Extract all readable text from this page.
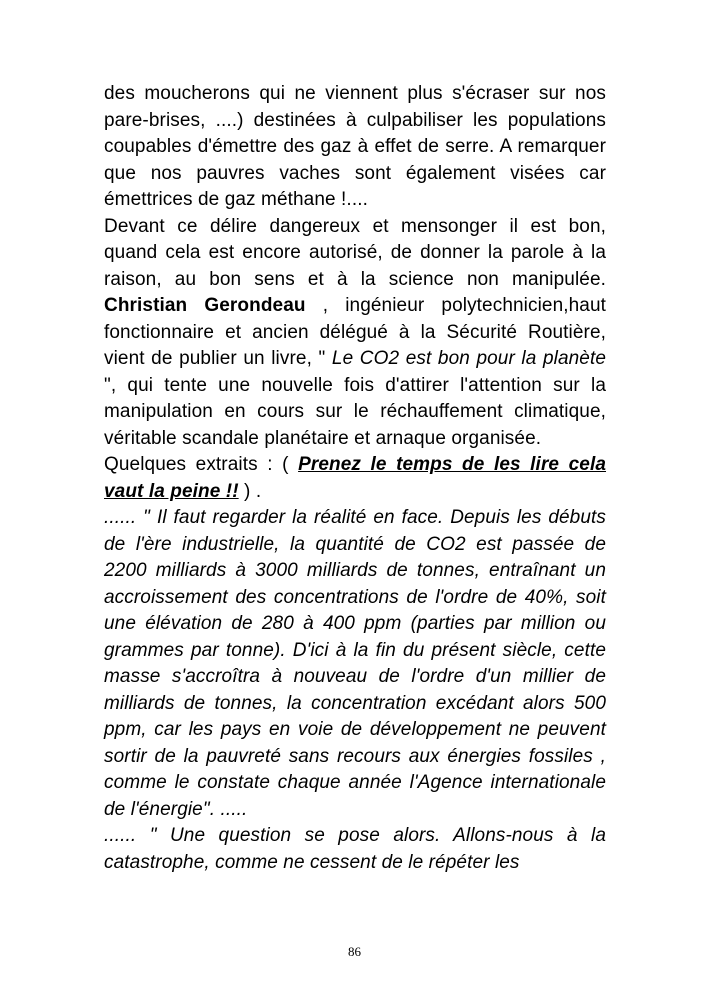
des moucherons qui ne viennent plus s'écraser sur nos pare-brises, ....) destinées à culpabiliser les populations coupables d'émettre des gaz à effet de serre. A remarquer que nos pauvres vaches sont également visées car émettrices de gaz méthane !....

Devant ce délire dangereux et mensonger il est bon, quand cela est encore autorisé, de donner la parole à la raison, au bon sens et à la science non manipulée. Christian Gerondeau , ingénieur polytechnicien,haut fonctionnaire et ancien délégué à la Sécurité Routière, vient de publier un livre, " Le CO2 est bon pour la planète ", qui tente une nouvelle fois d'attirer l'attention sur la manipulation en cours sur le réchauffement climatique, véritable scandale planétaire et arnaque organisée.

Quelques extraits : ( Prenez le temps de les lire cela vaut la peine !! ) .

...... " Il faut regarder la réalité en face. Depuis les débuts de l'ère industrielle, la quantité de CO2 est passée de 2200 milliards à 3000 milliards de tonnes, entraînant un accroissement des concentrations de l'ordre de 40%, soit une élévation de 280 à 400 ppm (parties par million ou grammes par tonne). D'ici à la fin du présent siècle, cette masse s'accroîtra à nouveau de l'ordre d'un millier de milliards de tonnes, la concentration excédant alors 500 ppm, car les pays en voie de développement ne peuvent sortir de la pauvreté sans recours aux énergies fossiles , comme le constate chaque année l'Agence internationale de l'énergie". .....

...... " Une question se pose alors. Allons-nous à la catastrophe, comme ne cessent de le répéter les

86
